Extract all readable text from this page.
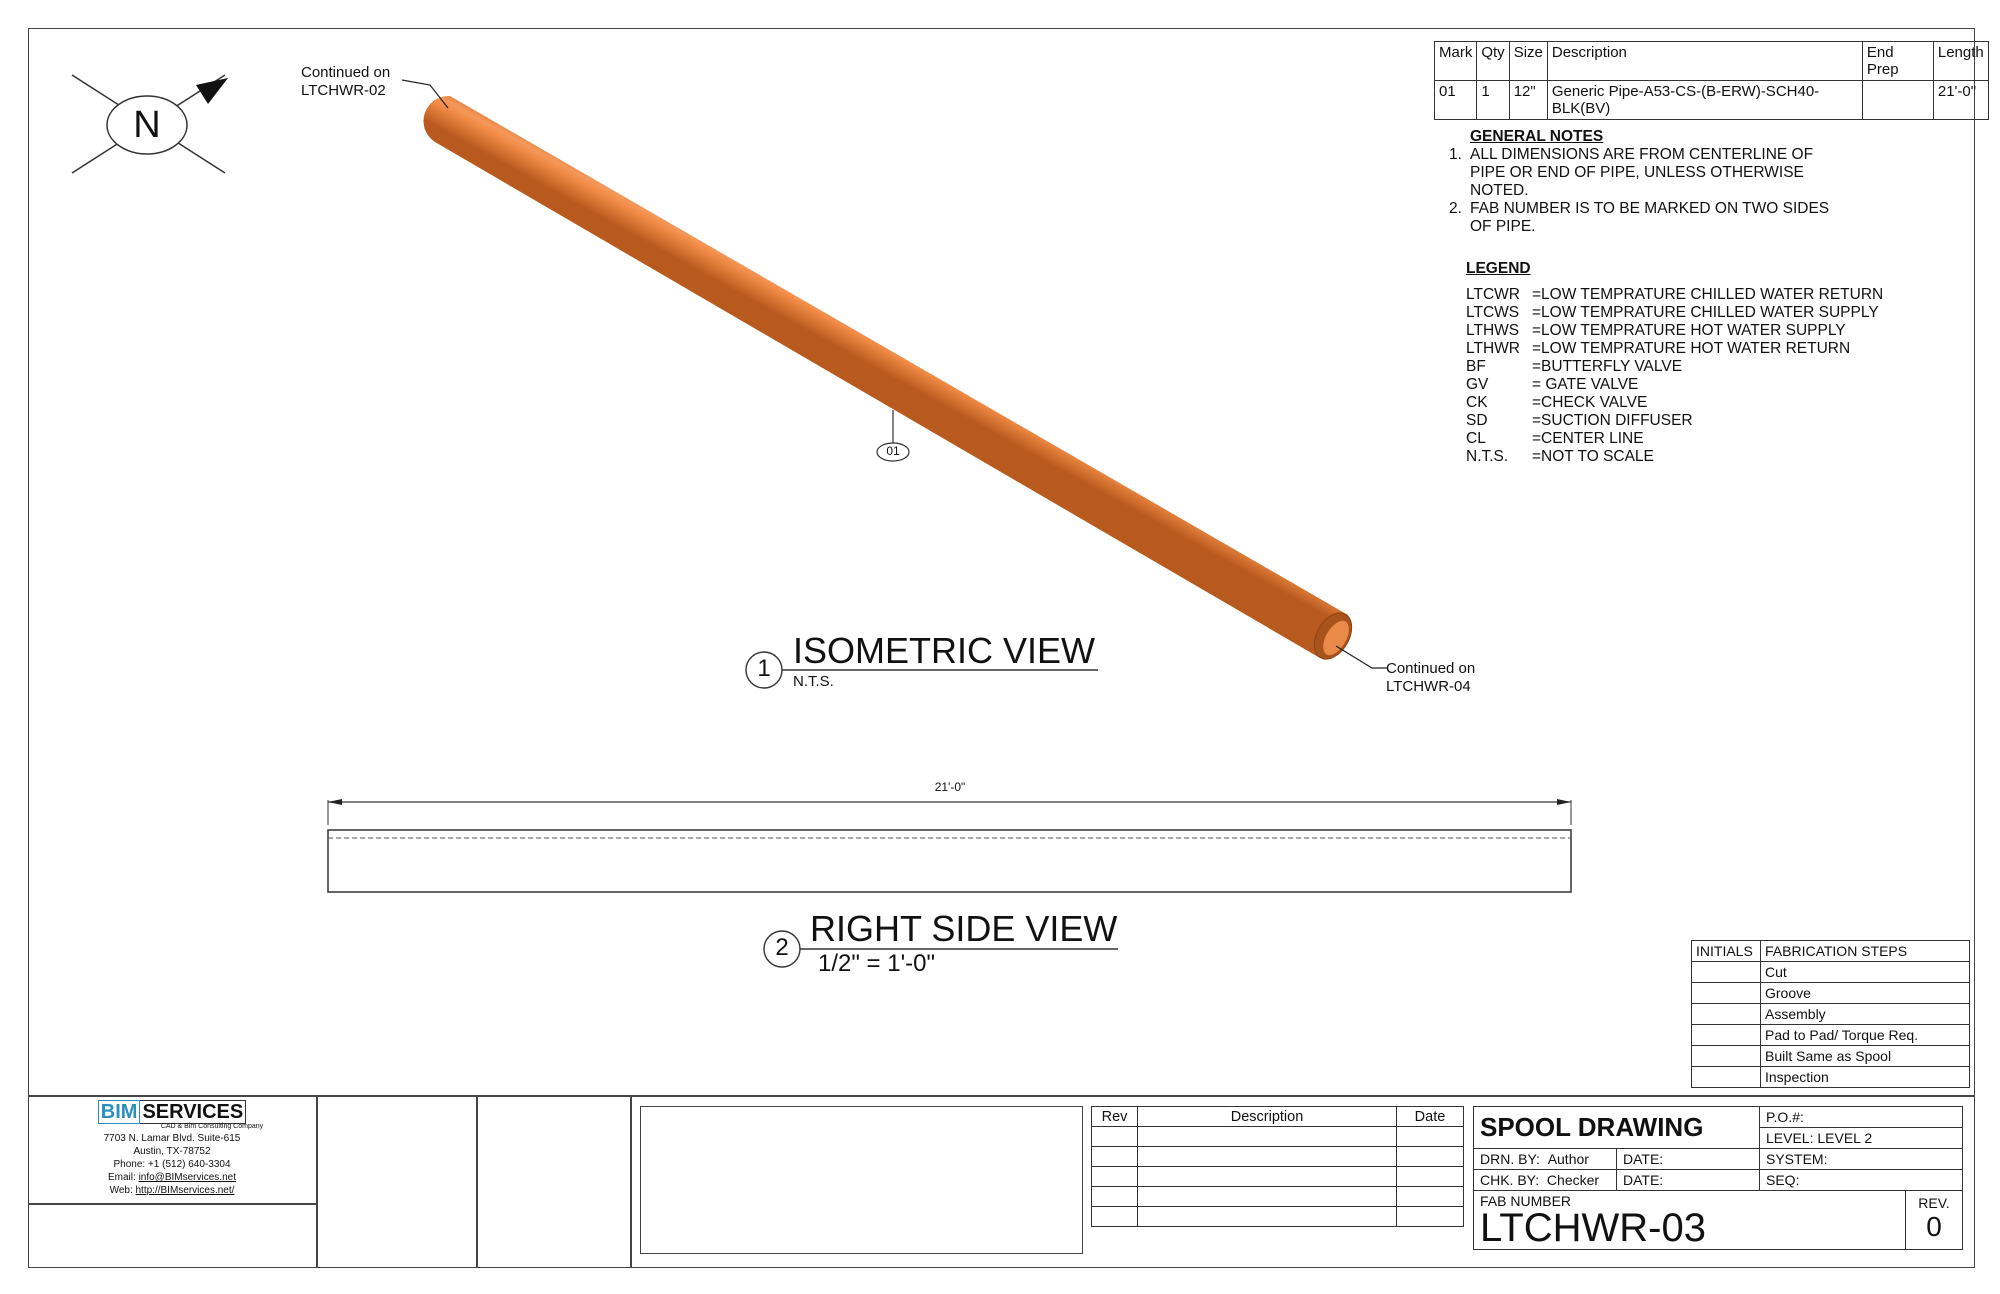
N
Continued on
LTCHWR-02
Continued on
LTCHWR-04
01
1 ISOMETRIC VIEW
N.T.S.
21'-0"
2 RIGHT SIDE VIEW
1/2" = 1'-0"
Mark	Qty	Size	Description	End Prep	Length
01	1	12"	Generic Pipe-A53-CS-(B-ERW)-SCH40-BLK(BV)		21'-0"
GENERAL NOTES
1. ALL DIMENSIONS ARE FROM CENTERLINE OF
PIPE OR END OF PIPE, UNLESS OTHERWISE
NOTED.
2. FAB NUMBER IS TO BE MARKED ON TWO SIDES
OF PIPE.
LEGEND
LTCWR =LOW TEMPRATURE CHILLED WATER RETURN
LTCWS =LOW TEMPRATURE CHILLED WATER SUPPLY
LTHWS =LOW TEMPRATURE HOT WATER SUPPLY
LTHWR =LOW TEMPRATURE HOT WATER RETURN
BF	=BUTTERFLY VALVE
GV	= GATE VALVE
CK	=CHECK VALVE
SD	=SUCTION DIFFUSER
CL	=CENTER LINE
N.T.S.	=NOT TO SCALE
INITIALS	FABRICATION STEPS
	Cut
	Groove
	Assembly
	Pad to Pad/ Torque Req.
	Built Same as Spool
	Inspection
BIM SERVICES
CAD & Bim Consulting Company
7703 N. Lamar Blvd. Suite-615
Austin, TX-78752
Phone: +1 (512) 640-3304
Email: info@BIMservices.net
Web: http://BIMservices.net/
Rev	Description	Date

		SPOOL DRAWING		P.O.#:
		LEVEL: LEVEL 2
DRN. BY: Author	DATE:	SYSTEM:
CHK. BY: Checker	DATE:	SEQ:

FAB NUMBER
LTCHWR-03
REV.
0		
